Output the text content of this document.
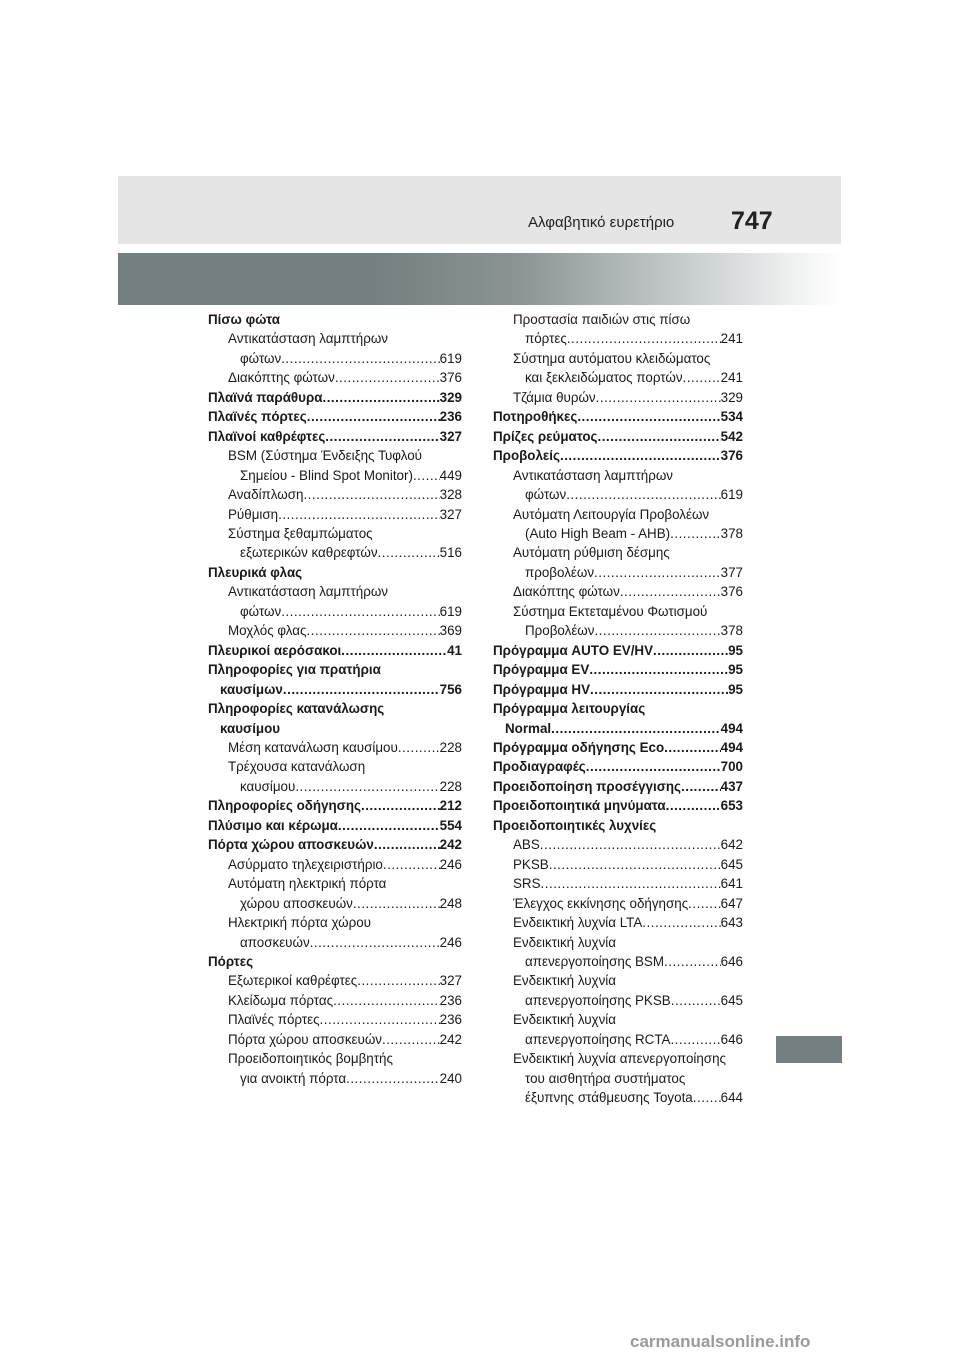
Αλφαβητικό ευρετήριο 747
Πίσω φώτα
Αντικατάσταση λαμπτήρων
φώτων .....	619
Διακόπτης φώτων .....	376
Πλαϊνά παράθυρα .....	329
Πλαϊνές πόρτες .....	236
Πλαϊνοί καθρέφτες .....	327
BSM (Σύστημα Ένδειξης Τυφλού
Σημείου - Blind Spot Monitor) ..... 449
Αναδίπλωση .....	328
Ρύθμιση .....	327
Σύστημα ξεθαμπώματος
εξωτερικών καθρεφτών .....	516
Πλευρικά φλας
Αντικατάσταση λαμπτήρων
φώτων .....	619
Μοχλός φλας .....	369
Πλευρικοί αερόσακοι .....	41
Πληροφορίες για πρατήρια
καυσίμων .....	756
Πληροφορίες κατανάλωσης
καυσίμου
Μέση κατανάλωση καυσίμου .....	228
Τρέχουσα κατανάλωση
καυσίμου .....	228
Πληροφορίες οδήγησης .....	212
Πλύσιμο και κέρωμα .....	554
Πόρτα χώρου αποσκευών .....	242
Ασύρματο τηλεχειριστήριο .....	246
Αυτόματη ηλεκτρική πόρτα
χώρου αποσκευών .....	248
Ηλεκτρική πόρτα χώρου
αποσκευών .....	246
Πόρτες
Εξωτερικοί καθρέφτες .....	327
Κλείδωμα πόρτας .....	236
Πλαϊνές πόρτες .....	236
Πόρτα χώρου αποσκευών .....	242
Προειδοποιητικός βομβητής
για ανοικτή πόρτα .....	240
Προστασία παιδιών στις πίσω
πόρτες .....	241
Σύστημα αυτόματου κλειδώματος
και ξεκλειδώματος πορτών .....	241
Τζάμια θυρών .....	329
Ποτηροθήκες .....	534
Πρίζες ρεύματος .....	542
Προβολείς .....	376
Αντικατάσταση λαμπτήρων
φώτων .....	619
Αυτόματη Λειτουργία Προβολέων
(Auto High Beam - AHB) .....	378
Αυτόματη ρύθμιση δέσμης
προβολέων .....	377
Διακόπτης φώτων .....	376
Σύστημα Εκτεταμένου Φωτισμού
Προβολέων .....	378
Πρόγραμμα AUTO EV/HV .....	95
Πρόγραμμα EV .....	95
Πρόγραμμα HV .....	95
Πρόγραμμα λειτουργίας
Normal .....	494
Πρόγραμμα οδήγησης Eco .....	494
Προδιαγραφές .....	700
Προειδοποίηση προσέγγισης .....	437
Προειδοποιητικά μηνύματα .....	653
Προειδοποιητικές λυχνίες
ABS .....	642
PKSB .....	645
SRS .....	641
Έλεγχος εκκίνησης οδήγησης ..... 647
Ενδεικτική λυχνία LTA .....	643
Ενδεικτική λυχνία
απενεργοποίησης BSM .....	646
Ενδεικτική λυχνία
απενεργοποίησης PKSB .....	645
Ενδεικτική λυχνία
απενεργοποίησης RCTA .....	646
Ενδεικτική λυχνία απενεργοποίησης
του αισθητήρα συστήματος
έξυπνης στάθμευσης Toyota ..... 644
carmanualsonline.info
